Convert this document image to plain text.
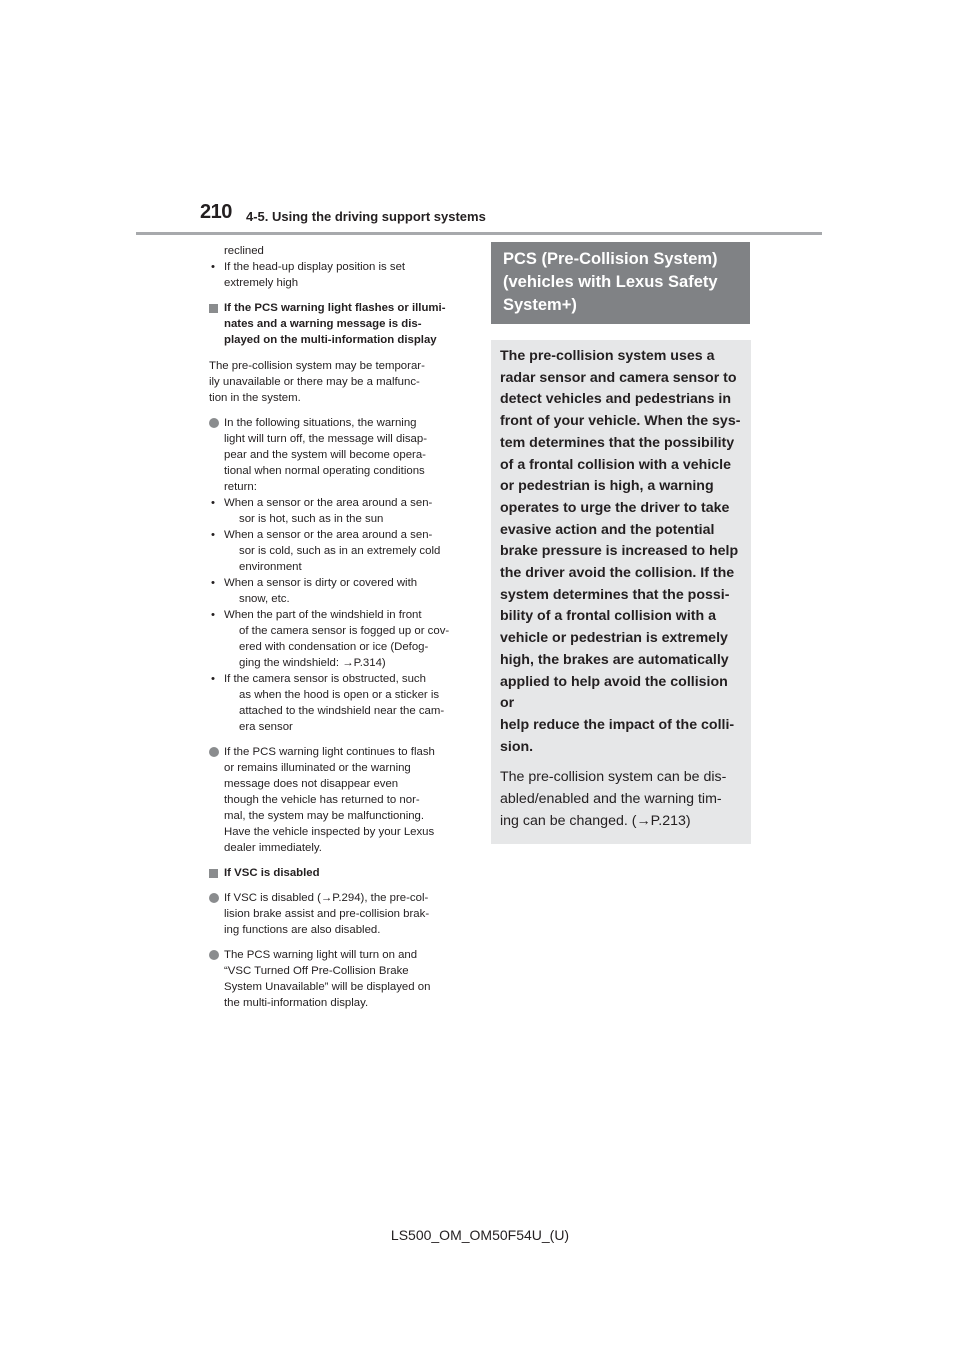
210 4-5. Using the driving support systems

reclined

• If the head-up display position is set

extremely high

If the PCS warning light flashes or illumi-

nates and a warning message is dis-

played on the multi-information display

The pre-collision system may be temporar-

ily unavailable or there may be a malfunc-

tion in the system.

In the following situations, the warning

light will turn off, the message will disap-

pear and the system will become opera-

tional when normal operating conditions

return:

• When a sensor or the area around a sen-

sor is hot, such as in the sun

• When a sensor or the area around a sen-

sor is cold, such as in an extremely cold

environment

• When a sensor is dirty or covered with

snow, etc.

• When the part of the windshield in front

of the camera sensor is fogged up or cov-

ered with condensation or ice (Defog-

ging the windshield: →P.314)

• If the camera sensor is obstructed, such

as when the hood is open or a sticker is

attached to the windshield near the cam-

era sensor

If the PCS warning light continues to flash

or remains illuminated or the warning

message does not disappear even

though the vehicle has returned to nor-

mal, the system may be malfunctioning.

Have the vehicle inspected by your Lexus

dealer immediately.

If VSC is disabled

If VSC is disabled (→P.294), the pre-col-

lision brake assist and pre-collision brak-

ing functions are also disabled.

The PCS warning light will turn on and

“VSC Turned Off Pre-Collision Brake

System Unavailable” will be displayed on

the multi-information display.

PCS (Pre-Collision System)
(vehicles with Lexus Safety
System+)

The pre-collision system uses a

radar sensor and camera sensor to

detect vehicles and pedestrians in

front of your vehicle. When the sys-

tem determines that the possibility

of a frontal collision with a vehicle

or pedestrian is high, a warning

operates to urge the driver to take

evasive action and the potential

brake pressure is increased to help

the driver avoid the collision. If the

system determines that the possi-

bility of a frontal collision with a

vehicle or pedestrian is extremely

high, the brakes are automatically

applied to help avoid the collision or

help reduce the impact of the colli-

sion.

The pre-collision system can be dis-

abled/enabled and the warning tim-

ing can be changed. (→P.213)

LS500_OM_OM50F54U_(U)
